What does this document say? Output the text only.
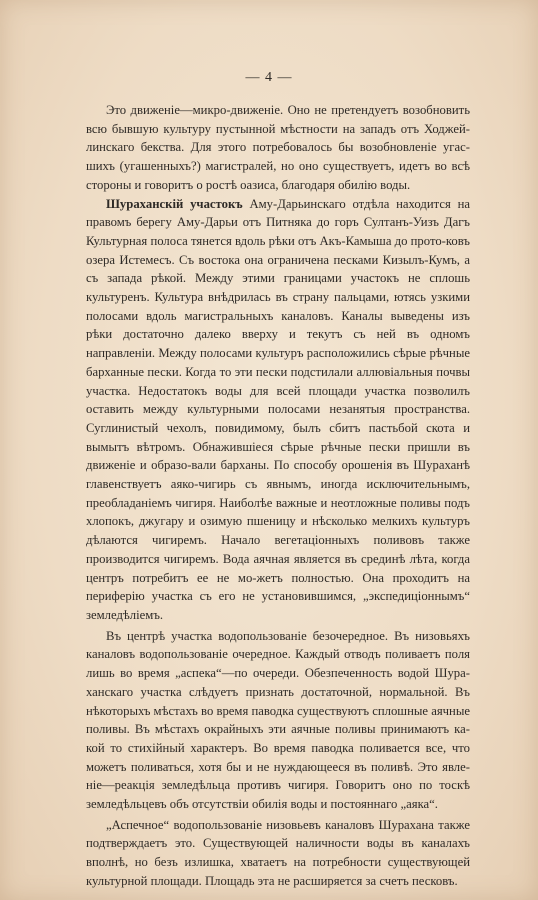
— 4 —

Это движеніе—микро-движеніе. Оно не претендуетъ возобновить всю бывшую культуру пустынной мѣстности на западъ отъ Ходжей-линскаго бекства. Для этого потребовалось бы возобновленіе угас-шихъ (угашенныхъ?) магистралей, но оно существуетъ, идетъ во всѣ стороны и говоритъ о ростѣ оазиса, благодаря обилію воды.

Шураханскій участокъ Аму-Дарьинскаго отдѣла находится на правомъ берегу Аму-Дарьи отъ Питняка до горъ Султанъ-Уизъ Дагъ Культурная полоса тянется вдоль рѣки отъ Акъ-Камыша до прото-ковъ озера Истемесъ. Съ востока она ограничена песками Кизылъ-Кумъ, а съ запада рѣкой. Между этими границами участокъ не сплошь культуренъ. Культура внѣдрилась въ страну пальцами, ютясь узкими полосами вдоль магистральныхъ каналовъ. Каналы выведены изъ рѣки достаточно далеко вверху и текутъ съ ней въ одномъ направленіи. Между полосами культуръ расположились сѣрые рѣчные барханные пески. Когда то эти пески подстилали аллювіальныя почвы участка. Недостатокъ воды для всей площади участка позволилъ оставить между культурными полосами незанятыя пространства. Суглинистый чехолъ, повидимому, былъ сбитъ пастьбой скота и вымытъ вѣтромъ. Обнажившіеся сѣрые рѣчные пески пришли въ движеніе и образо-вали барханы. По способу орошенія въ Шураханѣ главенствуетъ аяко-чигирь съ явнымъ, иногда исключительнымъ, преобладаніемъ чигиря. Наиболѣе важные и неотложные поливы подъ хлопокъ, джугару и озимую пшеницу и нѣсколько мелкихъ культуръ дѣлаются чигиремъ. Начало вегетаціонныхъ поливовъ также производится чигиремъ. Вода аячная является въ срединѣ лѣта, когда центръ потребитъ ее не мо-жетъ полностью. Она проходитъ на периферію участка съ его не установившимся, „экспедиціоннымъ“ земледѣліемъ.

Въ центрѣ участка водопользованіе безочередное. Въ низовьяхъ каналовъ водопользованіе очередное. Каждый отводъ поливаетъ поля лишь во время „аспека“—по очереди. Обезпеченность водой Шура-ханскаго участка слѣдуетъ признать достаточной, нормальной. Въ нѣкоторыхъ мѣстахъ во время паводка существуютъ сплошные аячные поливы. Въ мѣстахъ окрайныхъ эти аячные поливы принимаютъ ка-кой то стихійный характеръ. Во время паводка поливается все, что можетъ поливаться, хотя бы и не нуждающееся въ поливѣ. Это явле-ніе—реакція земледѣльца противъ чигиря. Говоритъ оно по тоскѣ земледѣльцевъ объ отсутствіи обилія воды и постояннаго „аяка“.

„Аспечное“ водопользованіе низовьевъ каналовъ Шурахана также подтверждаетъ это. Существующей наличности воды въ каналахъ вполнѣ, но безъ излишка, хватаетъ на потребности существующей культурной площади. Площадь эта не расширяется за счетъ песковъ.
